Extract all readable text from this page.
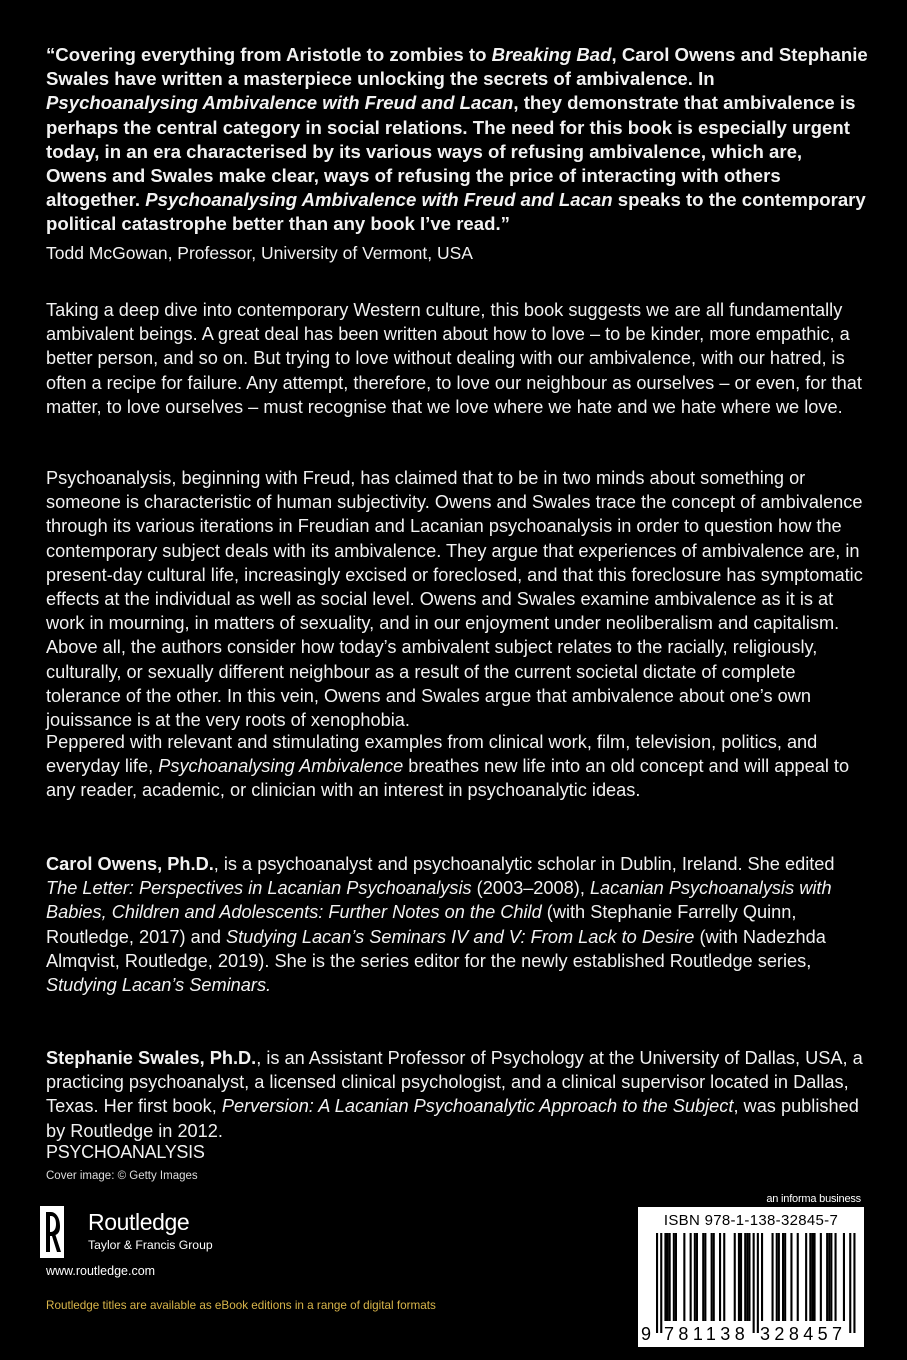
“Covering everything from Aristotle to zombies to Breaking Bad, Carol Owens and Stephanie Swales have written a masterpiece unlocking the secrets of ambivalence. In Psychoanalysing Ambivalence with Freud and Lacan, they demonstrate that ambivalence is perhaps the central category in social relations. The need for this book is especially urgent today, in an era characterised by its various ways of refusing ambivalence, which are, Owens and Swales make clear, ways of refusing the price of interacting with others altogether. Psychoanalysing Ambivalence with Freud and Lacan speaks to the contemporary political catastrophe better than any book I’ve read.”

Todd McGowan, Professor, University of Vermont, USA

Taking a deep dive into contemporary Western culture, this book suggests we are all fundamentally ambivalent beings. A great deal has been written about how to love – to be kinder, more empathic, a better person, and so on. But trying to love without dealing with our ambivalence, with our hatred, is often a recipe for failure. Any attempt, therefore, to love our neighbour as ourselves – or even, for that matter, to love ourselves – must recognise that we love where we hate and we hate where we love.

Psychoanalysis, beginning with Freud, has claimed that to be in two minds about something or someone is characteristic of human subjectivity. Owens and Swales trace the concept of ambivalence through its various iterations in Freudian and Lacanian psychoanalysis in order to question how the contemporary subject deals with its ambivalence. They argue that experiences of ambivalence are, in present-day cultural life, increasingly excised or foreclosed, and that this foreclosure has symptomatic effects at the individual as well as social level. Owens and Swales examine ambivalence as it is at work in mourning, in matters of sexuality, and in our enjoyment under neoliberalism and capitalism. Above all, the authors consider how today’s ambivalent subject relates to the racially, religiously, culturally, or sexually different neighbour as a result of the current societal dictate of complete tolerance of the other. In this vein, Owens and Swales argue that ambivalence about one’s own jouissance is at the very roots of xenophobia.

Peppered with relevant and stimulating examples from clinical work, film, television, politics, and everyday life, Psychoanalysing Ambivalence breathes new life into an old concept and will appeal to any reader, academic, or clinician with an interest in psychoanalytic ideas.

Carol Owens, Ph.D., is a psychoanalyst and psychoanalytic scholar in Dublin, Ireland. She edited The Letter: Perspectives in Lacanian Psychoanalysis (2003–2008), Lacanian Psychoanalysis with Babies, Children and Adolescents: Further Notes on the Child (with Stephanie Farrelly Quinn, Routledge, 2017) and Studying Lacan’s Seminars IV and V: From Lack to Desire (with Nadezhda Almqvist, Routledge, 2019). She is the series editor for the newly established Routledge series, Studying Lacan’s Seminars.

Stephanie Swales, Ph.D., is an Assistant Professor of Psychology at the University of Dallas, USA, a practicing psychoanalyst, a licensed clinical psychologist, and a clinical supervisor located in Dallas, Texas. Her first book, Perversion: A Lacanian Psychoanalytic Approach to the Subject, was published by Routledge in 2012.

PSYCHOANALYSIS
Cover image: © Getty Images
Routledge
Taylor & Francis Group
www.routledge.com
Routledge titles are available as eBook editions in a range of digital formats
an informa business
ISBN 978-1-138-32845-7
9 781138 328457
